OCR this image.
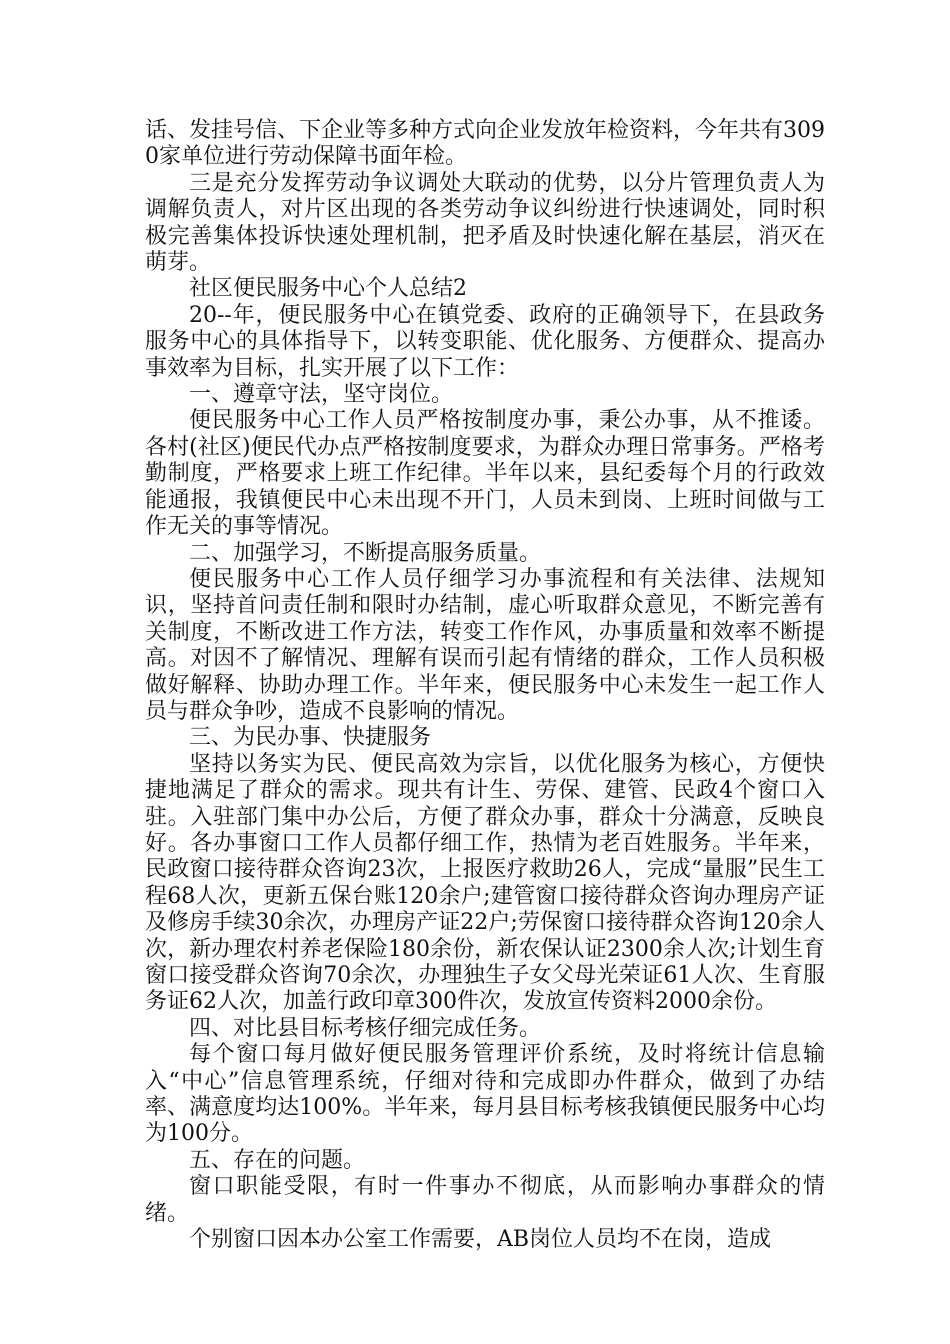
话、发挂号信、下企业等多种方式向企业发放年检资料，今年共有3090家单位进行劳动保障书面年检。

三是充分发挥劳动争议调处大联动的优势，以分片管理负责人为调解负责人，对片区出现的各类劳动争议纠纷进行快速调处，同时积极完善集体投诉快速处理机制，把矛盾及时快速化解在基层，消灭在萌芽。

社区便民服务中心个人总结2

20--年，便民服务中心在镇党委、政府的正确领导下，在县政务服务中心的具体指导下，以转变职能、优化服务、方便群众、提高办事效率为目标，扎实开展了以下工作：

一、遵章守法，坚守岗位。

便民服务中心工作人员严格按制度办事，秉公办事，从不推诿。各村(社区)便民代办点严格按制度要求，为群众办理日常事务。严格考勤制度，严格要求上班工作纪律。半年以来，县纪委每个月的行政效能通报，我镇便民中心未出现不开门，人员未到岗、上班时间做与工作无关的事等情况。

二、加强学习，不断提高服务质量。

便民服务中心工作人员仔细学习办事流程和有关法律、法规知识，坚持首问责任制和限时办结制，虚心听取群众意见，不断完善有关制度，不断改进工作方法，转变工作作风，办事质量和效率不断提高。对因不了解情况、理解有误而引起有情绪的群众，工作人员积极做好解释、协助办理工作。半年来，便民服务中心未发生一起工作人员与群众争吵，造成不良影响的情况。

三、为民办事、快捷服务

坚持以务实为民、便民高效为宗旨，以优化服务为核心，方便快捷地满足了群众的需求。现共有计生、劳保、建管、民政4个窗口入驻。入驻部门集中办公后，方便了群众办事，群众十分满意，反映良好。各办事窗口工作人员都仔细工作，热情为老百姓服务。半年来，民政窗口接待群众咨询23次，上报医疗救助26人，完成“量服”民生工程68人次，更新五保台账120余户;建管窗口接待群众咨询办理房产证及修房手续30余次，办理房产证22户;劳保窗口接待群众咨询120余人次，新办理农村养老保险180余份，新农保认证2300余人次;计划生育窗口接受群众咨询70余次，办理独生子女父母光荣证61人次、生育服务证62人次，加盖行政印章300件次，发放宣传资料2000余份。

四、对比县目标考核仔细完成任务。

每个窗口每月做好便民服务管理评价系统，及时将统计信息输入“中心”信息管理系统，仔细对待和完成即办件群众，做到了办结率、满意度均达100%。半年来，每月县目标考核我镇便民服务中心均为100分。

五、存在的问题。

窗口职能受限，有时一件事办不彻底，从而影响办事群众的情绪。

个别窗口因本办公室工作需要，AB岗位人员均不在岗，造成
